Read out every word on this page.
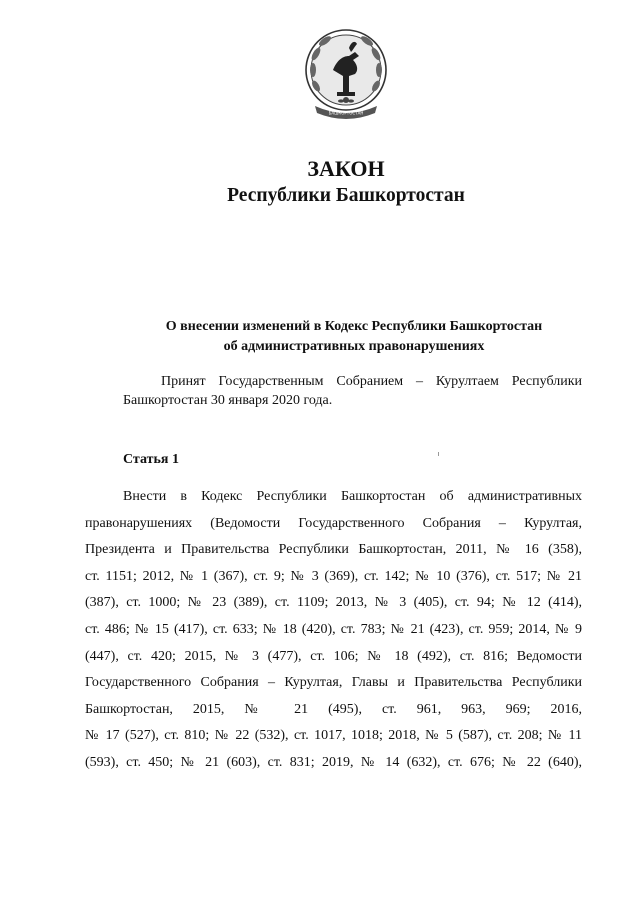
БАШКОРТОСТАН
ЗАКОН
Республики Башкортостан
О внесении изменений в Кодекс Республики Башкортостан
об административных правонарушениях
Принят Государственным Собранием – Курултаем Республики
Башкортостан 30 января 2020 года.
Статья 1
Внести в Кодекс Республики Башкортостан об административных
правонарушениях (Ведомости Государственного Собрания – Курултая,
Президента и Правительства Республики Башкортостан, 2011, № 16 (358),
ст. 1151; 2012, № 1 (367), ст. 9; № 3 (369), ст. 142; № 10 (376), ст. 517; № 21
(387), ст. 1000; № 23 (389), ст. 1109; 2013, № 3 (405), ст. 94; № 12 (414),
ст. 486; № 15 (417), ст. 633; № 18 (420), ст. 783; № 21 (423), ст. 959; 2014, № 9
(447), ст. 420; 2015, № 3 (477), ст. 106; № 18 (492), ст. 816; Ведомости
Государственного Собрания – Курултая, Главы и Правительства Республики
Башкортостан, 2015, № 21 (495), ст. 961, 963, 969; 2016,
№ 17 (527), ст. 810; № 22 (532), ст. 1017, 1018; 2018, № 5 (587), ст. 208; № 11
(593), ст. 450; № 21 (603), ст. 831; 2019, № 14 (632), ст. 676; № 22 (640),
